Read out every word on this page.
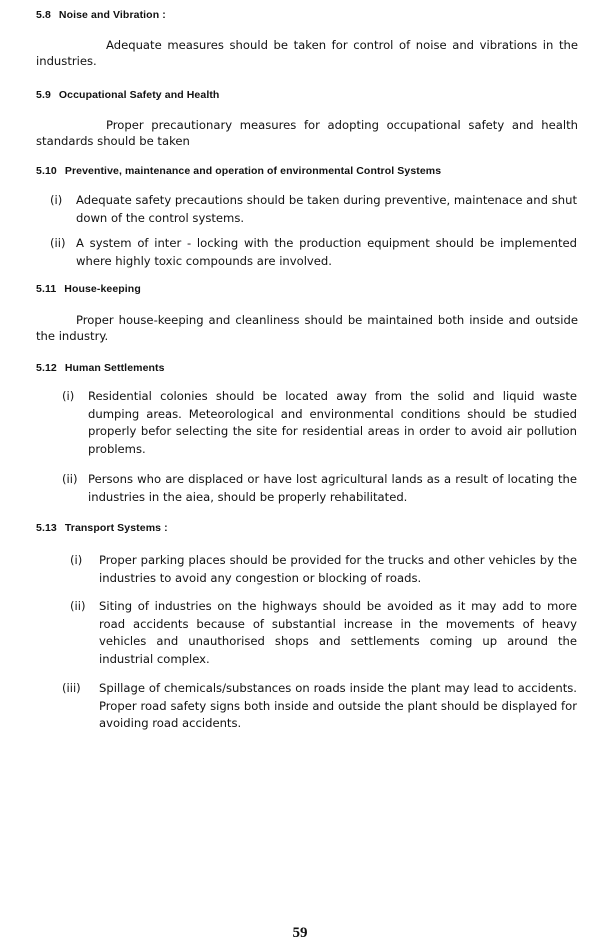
5.8 Noise and Vibration :

Adequate measures should be taken for control of noise and vibrations in the industries.

5.9 Occupational Safety and Health

Proper precautionary measures for adopting occupational safety and health standards should be taken

5.10 Preventive, maintenance and operation of environmental Control Systems
(i)	Adequate safety precautions should be taken during preventive, maintenace and shut down of the control systems.
(ii) A system of inter - locking with the production equipment should be implemented where highly toxic compounds are involved.
5.11 House-keeping

Proper house-keeping and cleanliness should be maintained both inside and outside the industry.

5.12 Human Settlements
(i)	Residential colonies should be located away from the solid and liquid waste dumping areas. Meteorological and environmental conditions should be studied properly befor selecting the site for residential areas in order to avoid air pollution problems.
(ii) Persons who are displaced or have lost agricultural lands as a result of locating the industries in the aiea, should be properly rehabilitated.
5.13 Transport Systems :
(i)	Proper parking places should be provided for the trucks and other vehicles by the industries to avoid any congestion or blocking of roads.
(ii)	Siting of industries on the highways should be avoided as it may add to more road accidents because of substantial increase in the movements of heavy vehicles and unauthorised shops and settlements coming up around the industrial complex.
(iii)	Spillage of chemicals/substances on roads inside the plant may lead to accidents. Proper road safety signs both inside and outside the plant should be displayed for avoiding road accidents.
59
